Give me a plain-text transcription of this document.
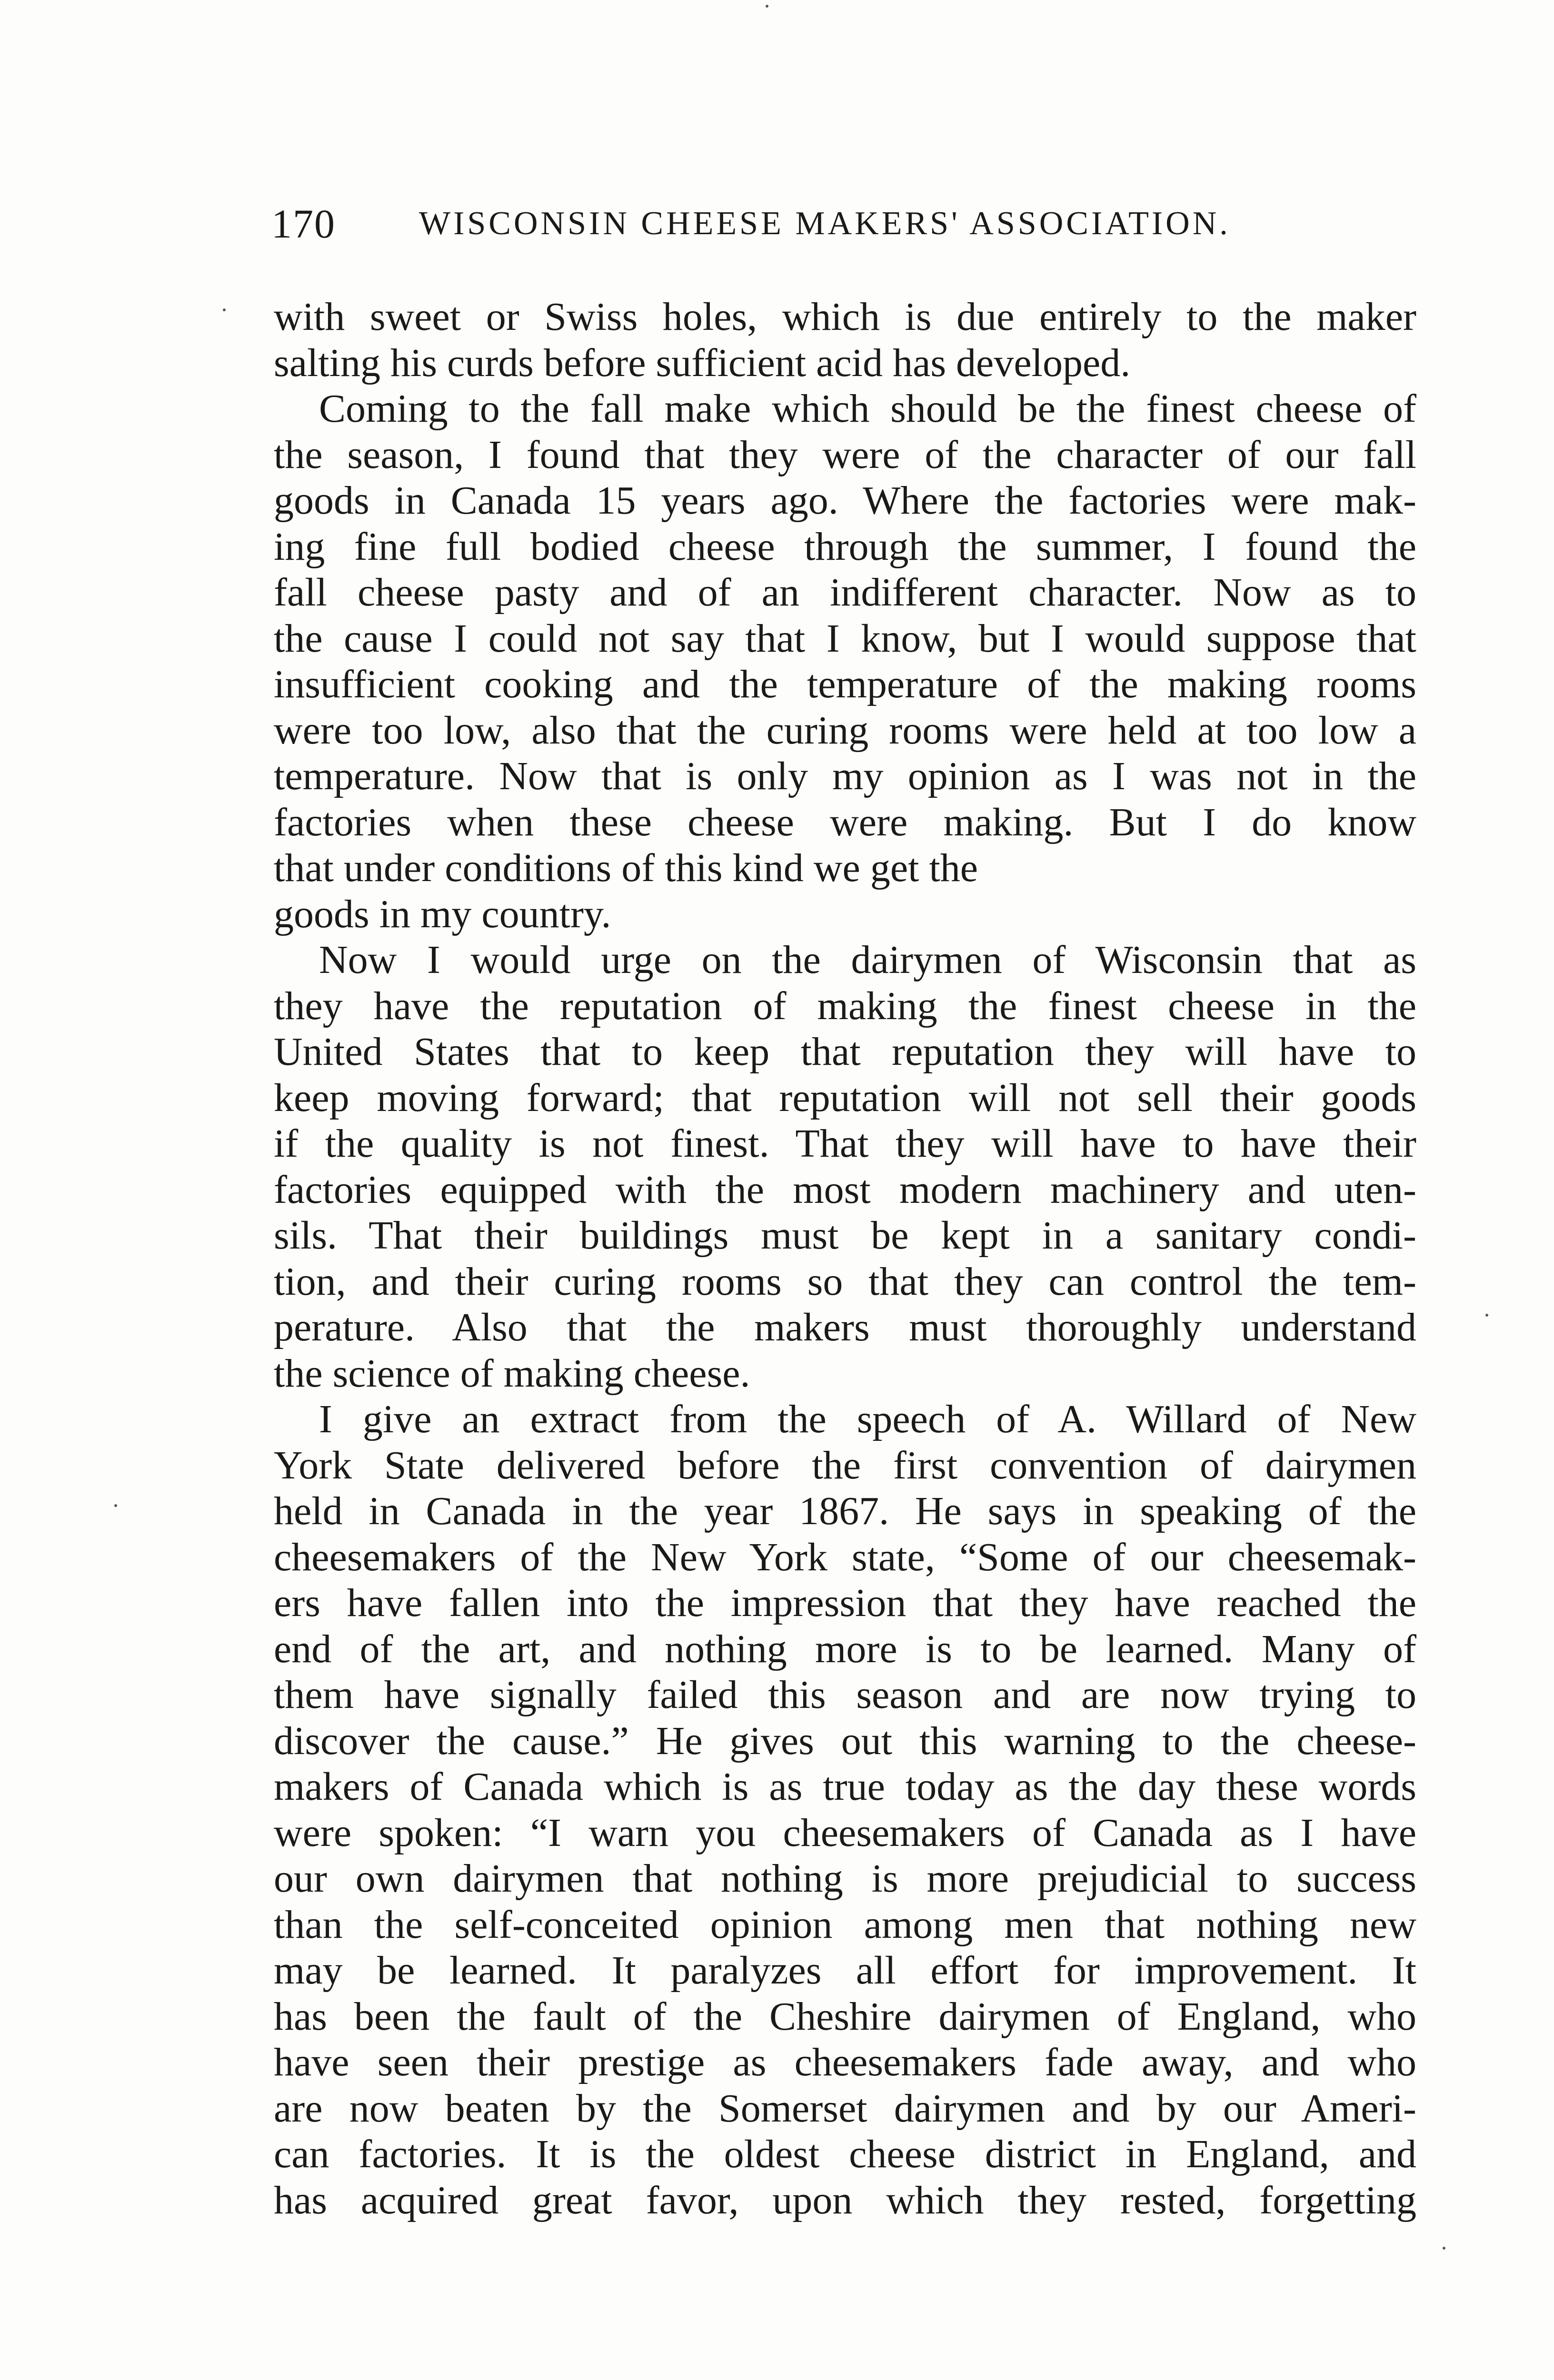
170	WISCONSIN CHEESE MAKERS' ASSOCIATION.
with sweet or Swiss holes, which is due entirely to the maker
salting his curds before sufficient acid has developed.
Coming to the fall make which should be the finest cheese of
the season, I found that they were of the character of our fall
goods in Canada 15 years ago. Where the factories were mak-
ing fine full bodied cheese through the summer, I found the
fall cheese pasty and of an indifferent character. Now as to
the cause I could not say that I know, but I would suppose that
insufficient cooking and the temperature of the making rooms
were too low, also that the curing rooms were held at too low a
temperature. Now that is only my opinion as I was not in the
factories when these cheese were making. But I do know
that under conditions of this kind we get the
goods in my country.
Now I would urge on the dairymen of Wisconsin that as
they have the reputation of making the finest cheese in the
United States that to keep that reputation they will have to
keep moving forward; that reputation will not sell their goods
if the quality is not finest. That they will have to have their
factories equipped with the most modern machinery and uten-
sils. That their buildings must be kept in a sanitary condi-
tion, and their curing rooms so that they can control the tem-
perature. Also that the makers must thoroughly understand
the science of making cheese.
I give an extract from the speech of A. Willard of New
York State delivered before the first convention of dairymen
held in Canada in the year 1867. He says in speaking of the
cheesemakers of the New York state, “Some of our cheesemak-
ers have fallen into the impression that they have reached the
end of the art, and nothing more is to be learned. Many of
them have signally failed this season and are now trying to
discover the cause.” He gives out this warning to the cheese-
makers of Canada which is as true today as the day these words
were spoken: “I warn you cheesemakers of Canada as I have
our own dairymen that nothing is more prejudicial to success
than the self-conceited opinion among men that nothing new
may be learned. It paralyzes all effort for improvement. It
has been the fault of the Cheshire dairymen of England, who
have seen their prestige as cheesemakers fade away, and who
are now beaten by the Somerset dairymen and by our Ameri-
can factories. It is the oldest cheese district in England, and
has acquired great favor, upon which they rested, forgetting
